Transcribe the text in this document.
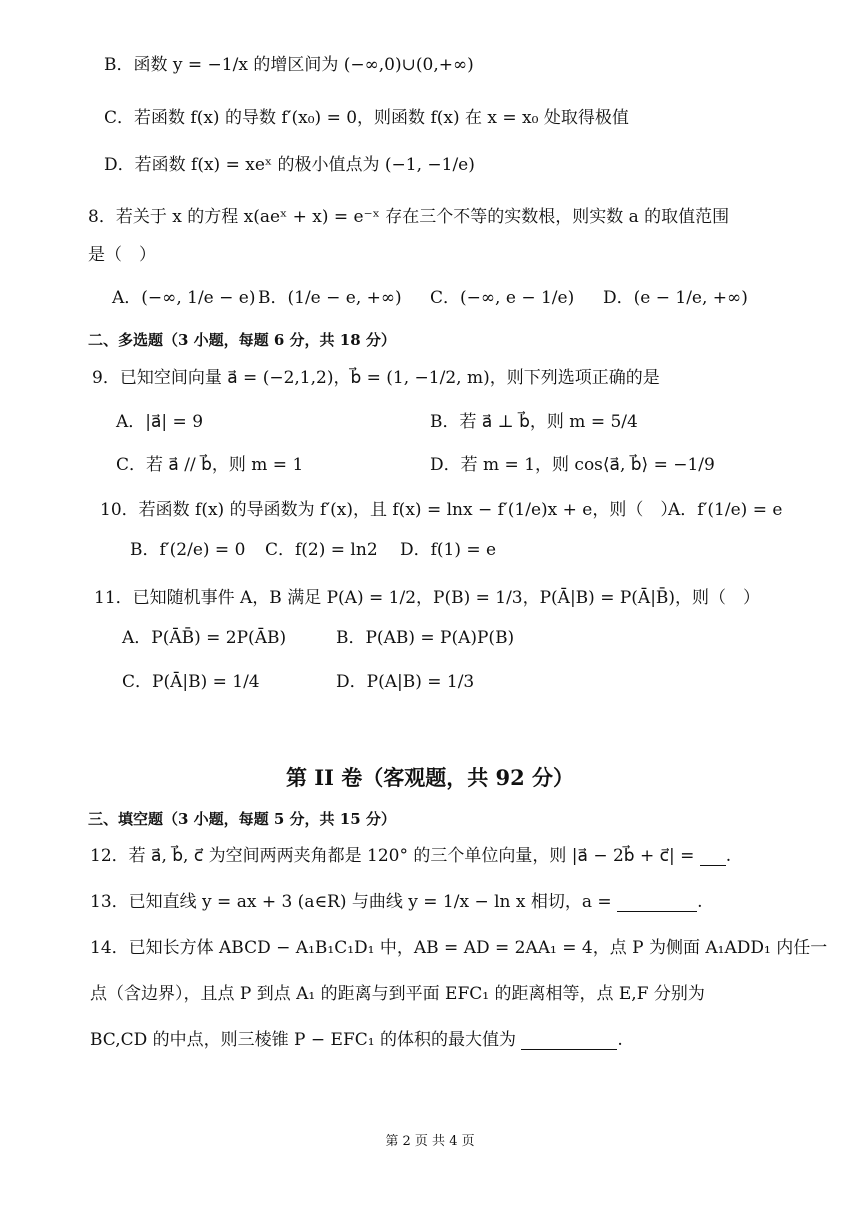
B．函数 y = −1/x 的增区间为 (−∞,0)∪(0,+∞)
C．若函数 f(x) 的导数 f′(x₀) = 0，则函数 f(x) 在 x = x₀ 处取得极值
D．若函数 f(x) = xeˣ 的极小值点为 (−1, −1/e)
8．若关于 x 的方程 x(aeˣ + x) = e⁻ˣ 存在三个不等的实数根，则实数 a 的取值范围
是（　）
A．(−∞, 1/e − e) B．(1/e − e, +∞) C．(−∞, e − 1/e) D．(e − 1/e, +∞)
二、多选题（3 小题，每题 6 分，共 18 分）
9．已知空间向量 a⃗ = (−2,1,2)，b⃗ = (1, −1/2, m)，则下列选项正确的是
A．|a⃗| = 9	B．若 a⃗ ⊥ b⃗，则 m = 5/4
C．若 a⃗ // b⃗，则 m = 1	D．若 m = 1，则 cos⟨a⃗, b⃗⟩ = −1/9
10．若函数 f(x) 的导函数为 f′(x)，且 f(x) = lnx − f′(1/e)x + e，则（　）
A．f′(1/e) = e
B．f′(2/e) = 0 C．f(2) = ln2 D．f(1) = e
11．已知随机事件 A，B 满足 P(A) = 1/2，P(B) = 1/3，P(Ā|B) = P(Ā|B̄)，则（　）
A．P(ĀB̄) = 2P(ĀB)	B．P(AB) = P(A)P(B)
C．P(Ā|B) = 1/4	D．P(A|B) = 1/3
第 II 卷（客观题，共 92 分）
三、填空题（3 小题，每题 5 分，共 15 分）
12．若 a⃗, b⃗, c⃗ 为空间两两夹角都是 120° 的三个单位向量，则 |a⃗ − 2b⃗ + c⃗| = .
13．已知直线 y = ax + 3 (a∈R) 与曲线 y = 1/x − ln x 相切，a =	.
14．已知长方体 ABCD − A₁B₁C₁D₁ 中，AB = AD = 2AA₁ = 4，点 P 为侧面 A₁ADD₁ 内任一
点（含边界），且点 P 到点 A₁ 的距离与到平面 EFC₁ 的距离相等，点 E,F 分别为
BC,CD 的中点，则三棱锥 P − EFC₁ 的体积的最大值为	.
第 2 页 共 4 页
